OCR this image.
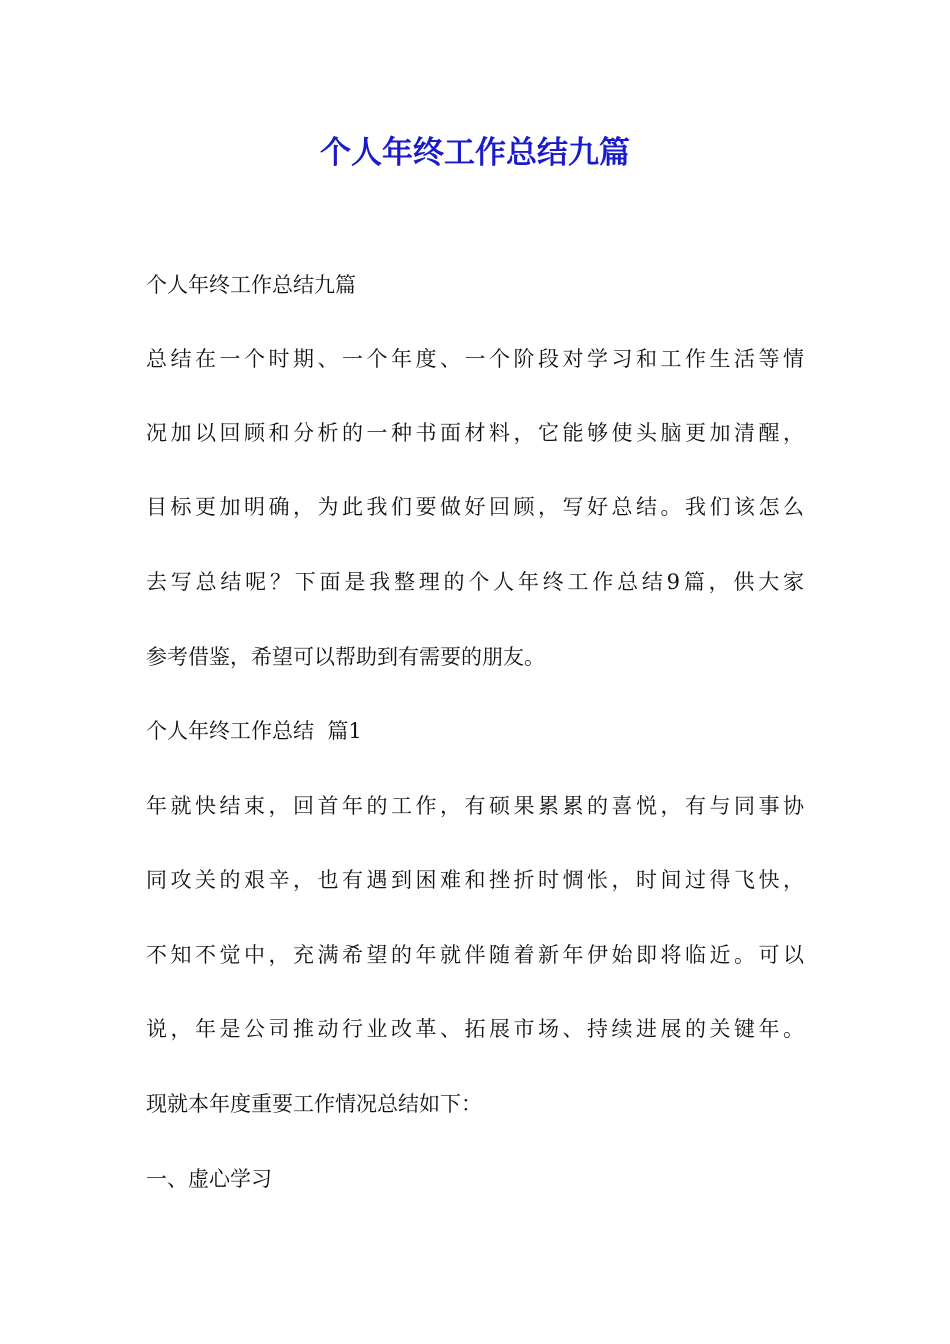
个人年终工作总结九篇
个人年终工作总结九篇
总结在一个时期、一个年度、一个阶段对学习和工作生活等情
况加以回顾和分析的一种书面材料，它能够使头脑更加清醒，
目标更加明确，为此我们要做好回顾，写好总结。我们该怎么
去写总结呢？下面是我整理的个人年终工作总结9篇，供大家
参考借鉴，希望可以帮助到有需要的朋友。
个人年终工作总结  篇1
年就快结束，回首年的工作，有硕果累累的喜悦，有与同事协
同攻关的艰辛，也有遇到困难和挫折时惆怅，时间过得飞快，
不知不觉中，充满希望的年就伴随着新年伊始即将临近。可以
说，年是公司推动行业改革、拓展市场、持续进展的关键年。
现就本年度重要工作情况总结如下：
一、虚心学习
